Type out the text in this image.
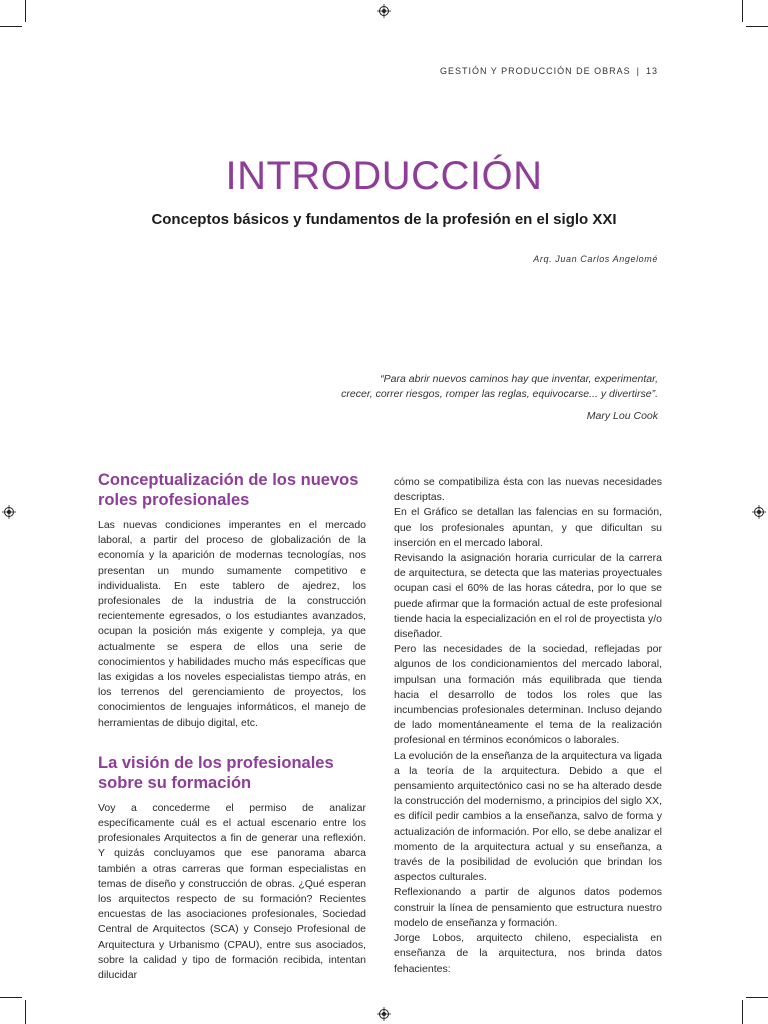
GESTIÓN Y PRODUCCIÓN DE OBRAS | 13
INTRODUCCIÓN
Conceptos básicos y fundamentos de la profesión en el siglo XXI
Arq. Juan Carlos Angelomé
“Para abrir nuevos caminos hay que inventar, experimentar,
crecer, correr riesgos, romper las reglas, equivocarse... y divertirse”.
Mary Lou Cook
Conceptualización de los nuevos roles profesionales

Las nuevas condiciones imperantes en el mercado laboral, a partir del proceso de globalización de la economía y la aparición de modernas tecnologías, nos presentan un mundo sumamente competitivo e individualista. En este tablero de ajedrez, los profesionales de la industria de la construcción recientemente egresados, o los estudiantes avanzados, ocupan la posición más exigente y compleja, ya que actualmente se espera de ellos una serie de conocimientos y habilidades mucho más específicas que las exigidas a los noveles especialistas tiempo atrás, en los terrenos del gerenciamiento de proyectos, los conocimientos de lenguajes informáticos, el manejo de herramientas de dibujo digital, etc.

La visión de los profesionales sobre su formación

Voy a concederme el permiso de analizar específicamente cuál es el actual escenario entre los profesionales Arquitectos a fin de generar una reflexión. Y quizás concluyamos que ese panorama abarca también a otras carreras que forman especialistas en temas de diseño y construcción de obras. ¿Qué esperan los arquitectos respecto de su formación? Recientes encuestas de las asociaciones profesionales, Sociedad Central de Arquitectos (SCA) y Consejo Profesional de Arquitectura y Urbanismo (CPAU), entre sus asociados, sobre la calidad y tipo de formación recibida, intentan dilucidar

cómo se compatibiliza ésta con las nuevas necesidades descriptas.

En el Gráfico se detallan las falencias en su formación, que los profesionales apuntan, y que dificultan su inserción en el mercado laboral.

Revisando la asignación horaria curricular de la carrera de arquitectura, se detecta que las materias proyectuales ocupan casi el 60% de las horas cátedra, por lo que se puede afirmar que la formación actual de este profesional tiende hacia la especialización en el rol de proyectista y/o diseñador.

Pero las necesidades de la sociedad, reflejadas por algunos de los condicionamientos del mercado laboral, impulsan una formación más equilibrada que tienda hacia el desarrollo de todos los roles que las incumbencias profesionales determinan. Incluso dejando de lado momentáneamente el tema de la realización profesional en términos económicos o laborales.

La evolución de la enseñanza de la arquitectura va ligada a la teoría de la arquitectura. Debido a que el pensamiento arquitectónico casi no se ha alterado desde la construcción del modernismo, a principios del siglo XX, es difícil pedir cambios a la enseñanza, salvo de forma y actualización de información. Por ello, se debe analizar el momento de la arquitectura actual y su enseñanza, a través de la posibilidad de evolución que brindan los aspectos culturales.

Reflexionando a partir de algunos datos podemos construir la línea de pensamiento que estructura nuestro modelo de enseñanza y formación.

Jorge Lobos, arquitecto chileno, especialista en enseñanza de la arquitectura, nos brinda datos fehacientes:
